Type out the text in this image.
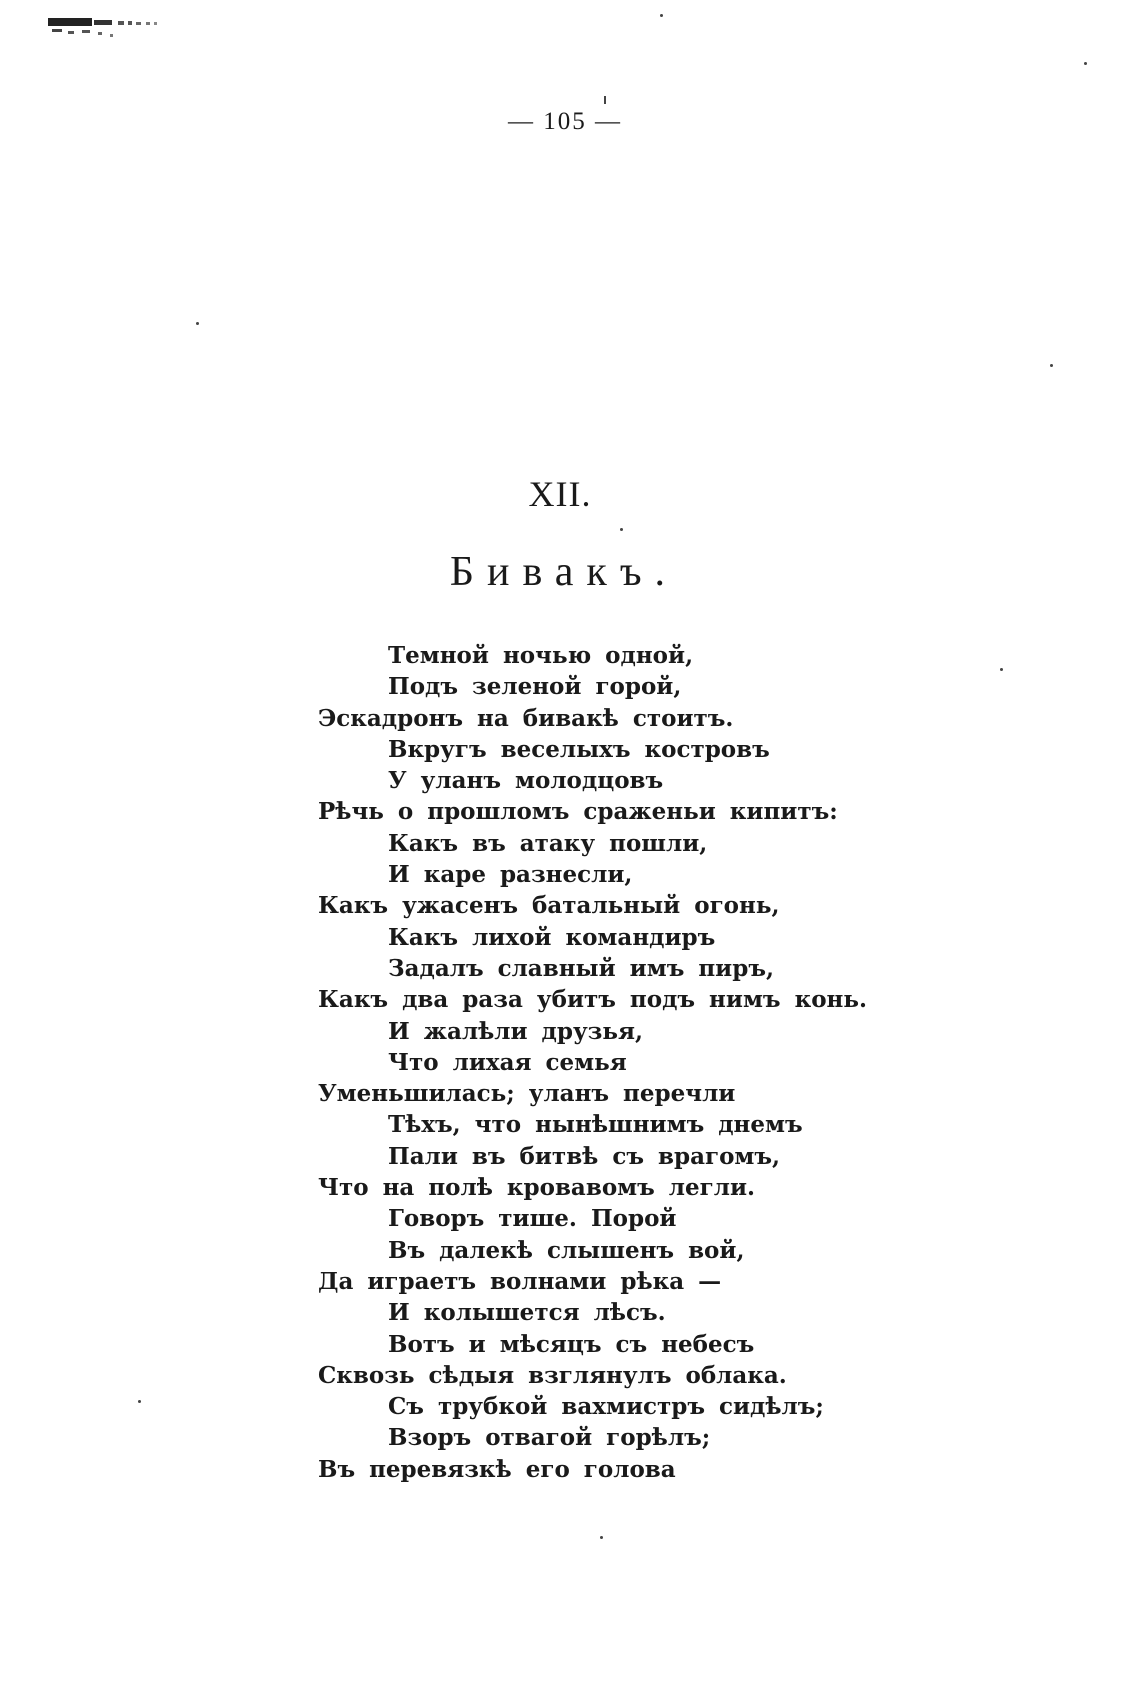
— 105 —
XII.
Бивакъ.
Темной ночью одной,
Подъ зеленой горой,
Эскадронъ на бивакѣ стоитъ.
Вкругъ веселыхъ костровъ
У уланъ молодцовъ
Рѣчь о прошломъ сраженьи кипитъ:
Какъ въ атаку пошли,
И каре разнесли,
Какъ ужасенъ батальный огонь,
Какъ лихой командиръ
Задалъ славный имъ пиръ,
Какъ два раза убитъ подъ нимъ конь.
И жалѣли друзья,
Что лихая семья
Уменьшилась; уланъ перечли
Тѣхъ, что нынѣшнимъ днемъ
Пали въ битвѣ съ врагомъ,
Что на полѣ кровавомъ легли.
Говоръ тише. Порой
Въ далекѣ слышенъ вой,
Да играетъ волнами рѣка —
И колышется лѣсъ.
Вотъ и мѣсяцъ съ небесъ
Сквозь сѣдыя взглянулъ облака.
Съ трубкой вахмистръ сидѣлъ;
Взоръ отвагой горѣлъ;
Въ перевязкѣ его голова
